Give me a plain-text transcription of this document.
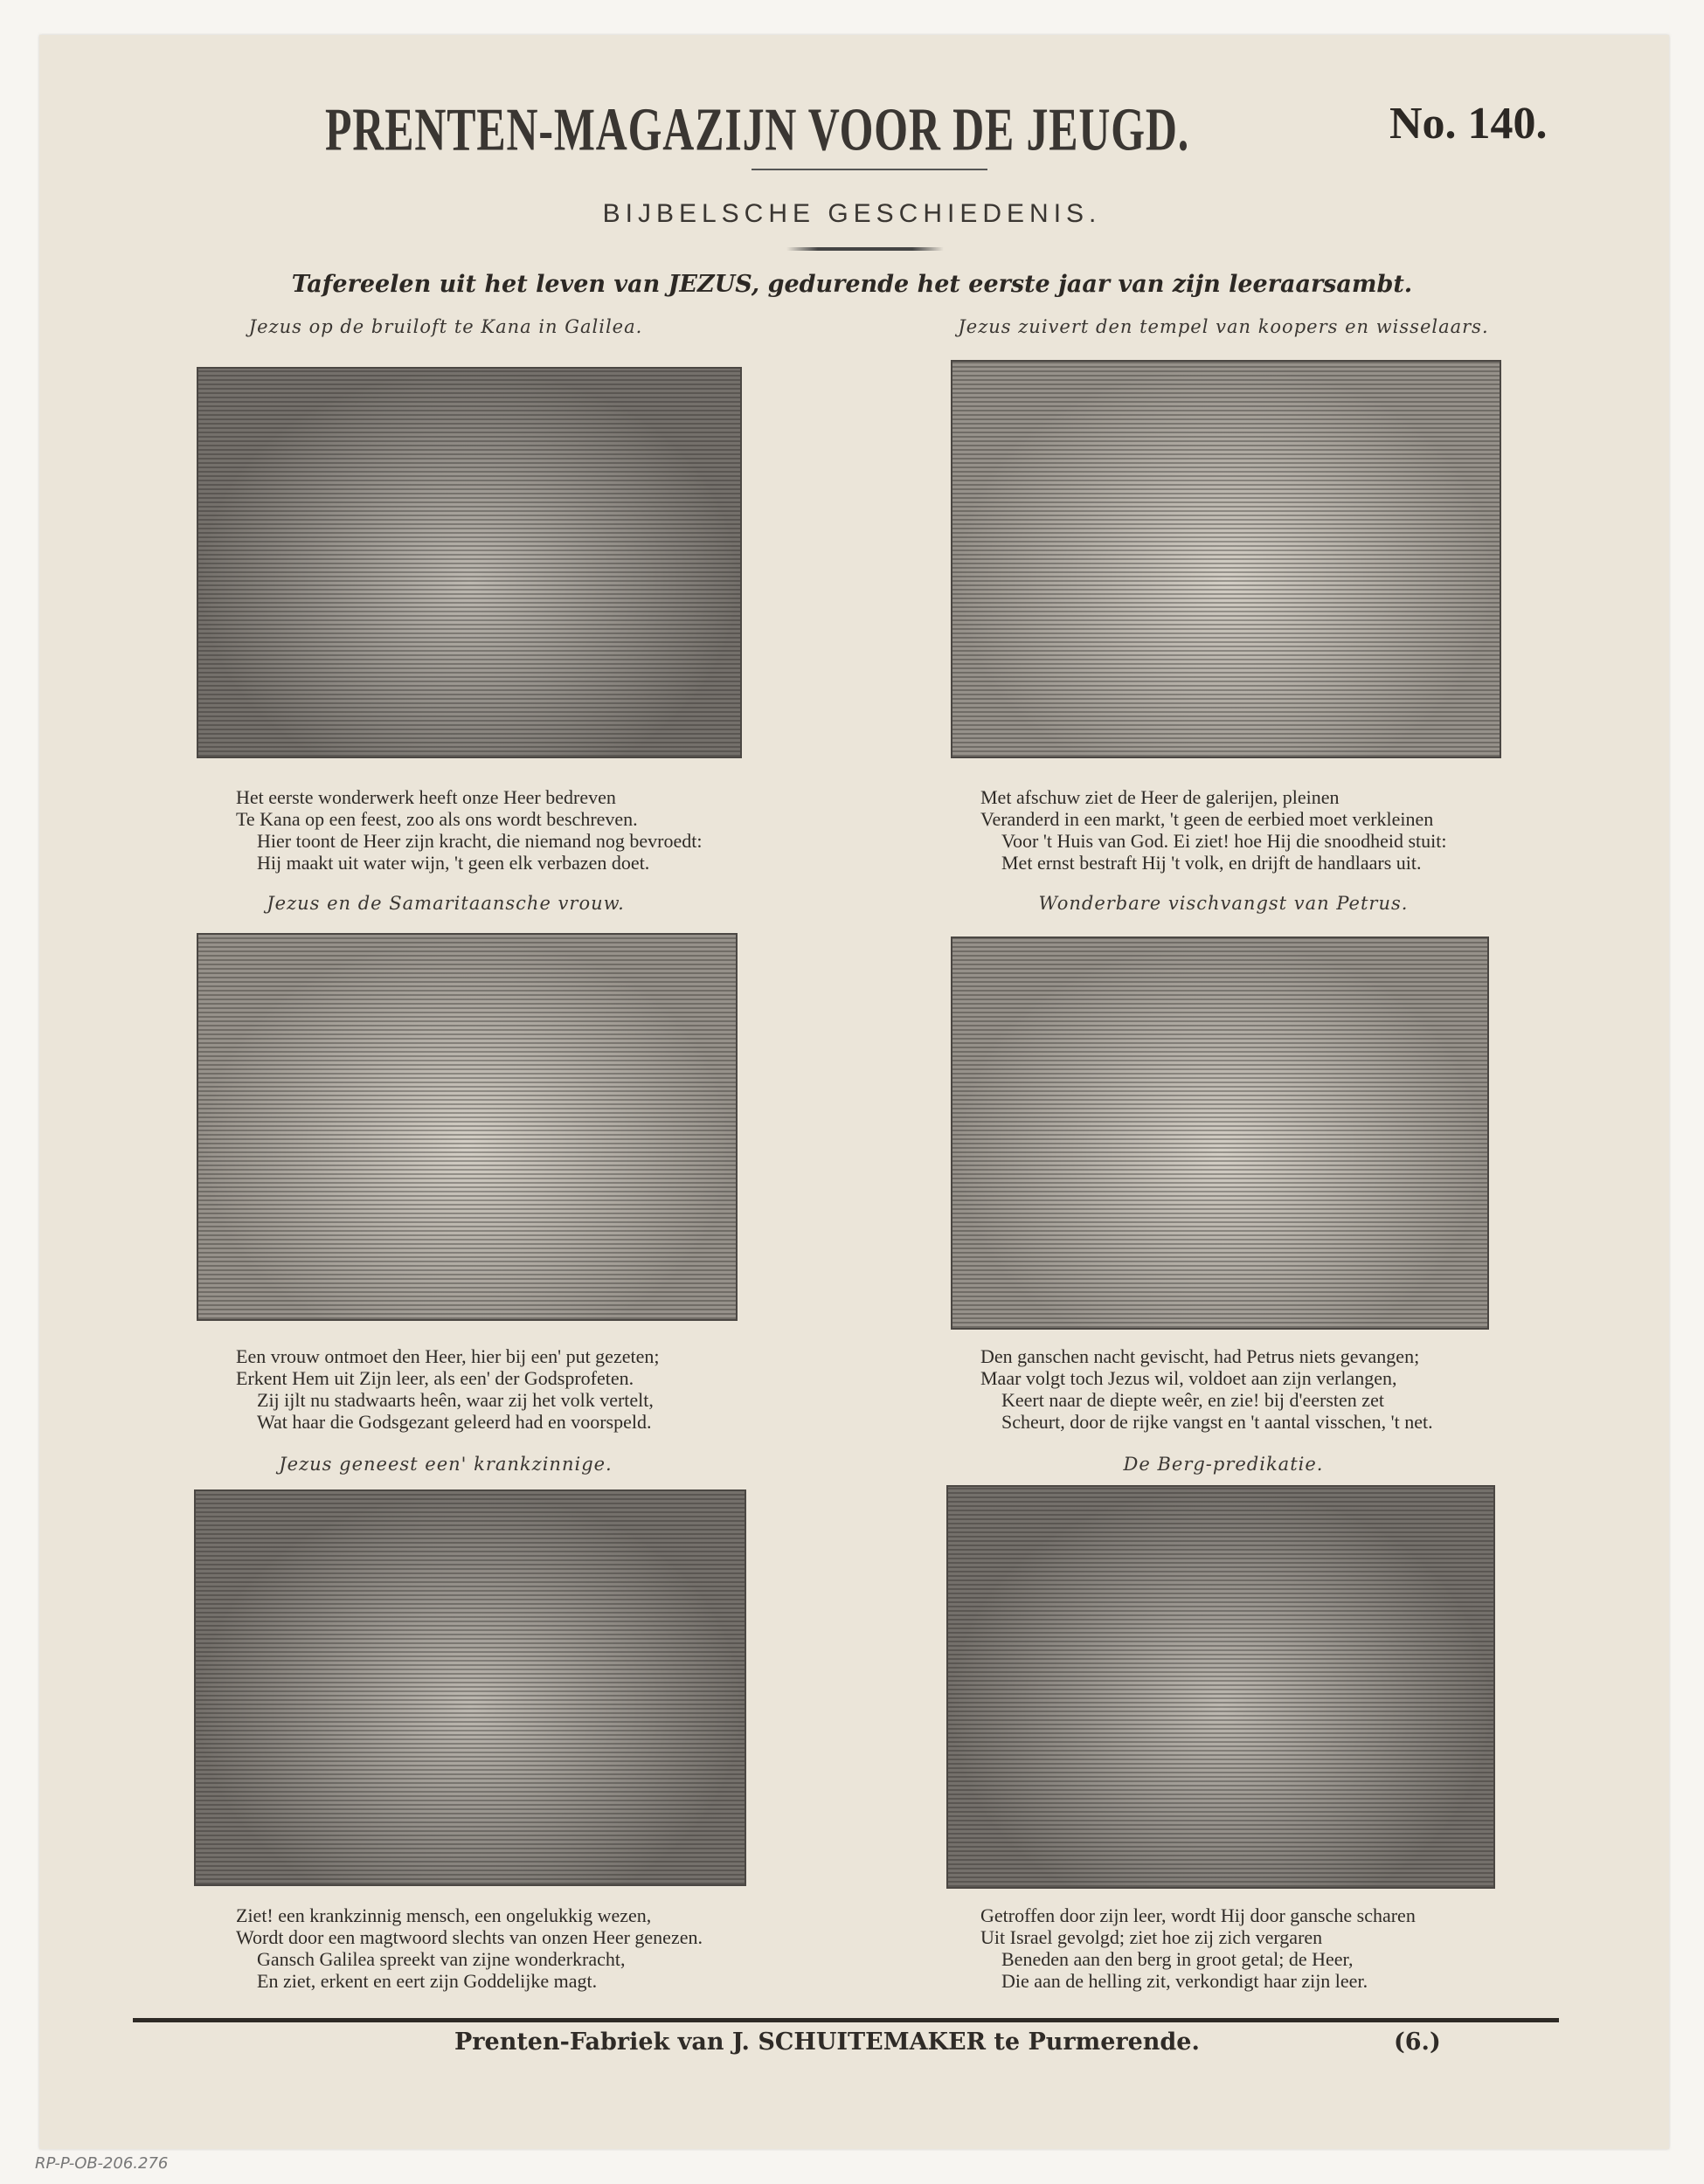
PRENTEN-MAGAZIJN VOOR DE JEUGD.	No. 140.
BIJBELSCHE GESCHIEDENIS.
Tafereelen uit het leven van JEZUS, gedurende het eerste jaar van zijn leeraarsambt.
Jezus op de bruiloft te Kana in Galilea.
Het eerste wonderwerk heeft onze Heer bedreven
Te Kana op een feest, zoo als ons wordt beschreven.
Hier toont de Heer zijn kracht, die niemand nog bevroedt:
Hij maakt uit water wijn, 't geen elk verbazen doet.
Jezus zuivert den tempel van koopers en wisselaars.
Met afschuw ziet de Heer de galerijen, pleinen
Veranderd in een markt, 't geen de eerbied moet verkleinen
Voor 't Huis van God. Ei ziet! hoe Hij die snoodheid stuit:
Met ernst bestraft Hij 't volk, en drijft de handlaars uit.
Jezus en de Samaritaansche vrouw.
Een vrouw ontmoet den Heer, hier bij een' put gezeten;
Erkent Hem uit Zijn leer, als een' der Godsprofeten.
Zij ijlt nu stadwaarts heên, waar zij het volk vertelt,
Wat haar die Godsgezant geleerd had en voorspeld.
Wonderbare vischvangst van Petrus.
Den ganschen nacht gevischt, had Petrus niets gevangen;
Maar volgt toch Jezus wil, voldoet aan zijn verlangen,
Keert naar de diepte weêr, en zie! bij d'eersten zet
Scheurt, door de rijke vangst en 't aantal visschen, 't net.
Jezus geneest een' krankzinnige.
Ziet! een krankzinnig mensch, een ongelukkig wezen,
Wordt door een magtwoord slechts van onzen Heer genezen.
Gansch Galilea spreekt van zijne wonderkracht,
En ziet, erkent en eert zijn Goddelijke magt.
De Berg-predikatie.
Getroffen door zijn leer, wordt Hij door gansche scharen
Uit Israel gevolgd; ziet hoe zij zich vergaren
Beneden aan den berg in groot getal; de Heer,
Die aan de helling zit, verkondigt haar zijn leer.
Prenten-Fabriek van J. SCHUITEMAKER te Purmerende.	(6.)
RP-P-OB-206.276
